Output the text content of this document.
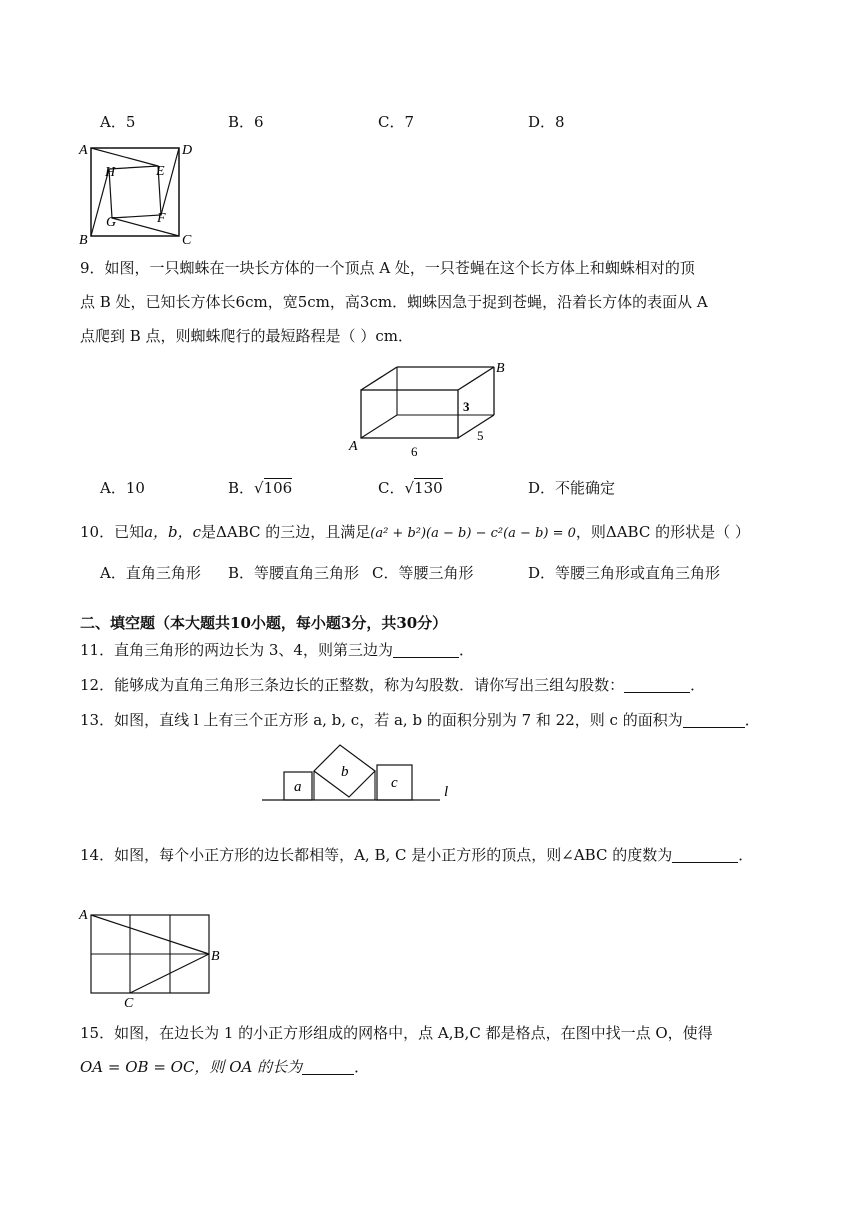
A．5	B．6	C．7	D．8
A	D
H	E
G	F
B	C
9．如图，一只蜘蛛在一块长方体的一个顶点 A 处，一只苍蝇在这个长方体上和蜘蛛相对的顶
点 B 处，已知长方体长6cm，宽5cm，高3cm．蜘蛛因急于捉到苍蝇，沿着长方体的表面从 A
点爬到 B 点，则蜘蛛爬行的最短路程是（ ）cm．
A
B
3
5
6
A．10	B．√106	C．√130	D．不能确定
10．已知a，b，c是ΔABC 的三边，且满足(a² + b²)(a − b) − c²(a − b) = 0，则ΔABC 的形状是（ ）
A．直角三角形 B．等腰直角三角形 C．等腰三角形	D．等腰三角形或直角三角形
二、填空题（本大题共10小题，每小题3分，共30分）
11．直角三角形的两边长为 3、4，则第三边为	．
12．能够成为直角三角形三条边长的正整数，称为勾股数．请你写出三组勾股数：	．
13．如图，直线 l 上有三个正方形 a, b, c，若 a, b 的面积分别为 7 和 22，则 c 的面积为	．
a
b
c
l
14．如图，每个小正方形的边长都相等，A, B, C 是小正方形的顶点，则∠ABC 的度数为	．
A
B
C
15．如图，在边长为 1 的小正方形组成的网格中，点 A,B,C 都是格点，在图中找一点 O，使得
OA = OB = OC，则 OA 的长为	．
